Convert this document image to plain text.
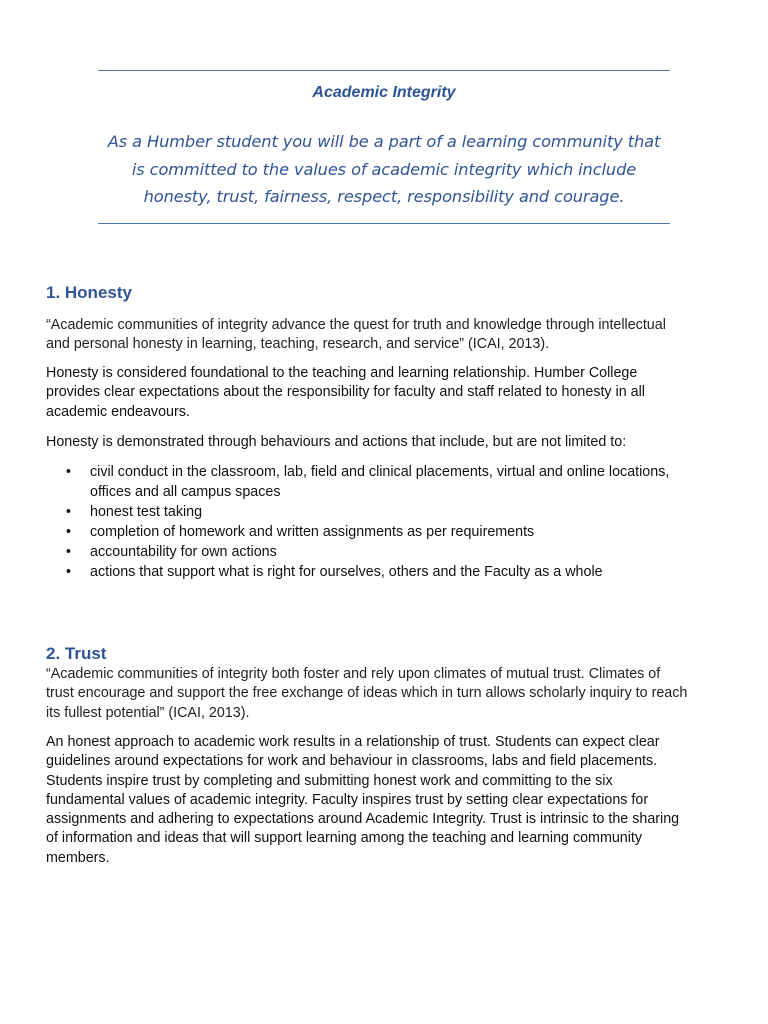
Academic Integrity
As a Humber student you will be a part of a learning community that
is committed to the values of academic integrity which include
honesty, trust, fairness, respect, responsibility and courage.
1. Honesty
“Academic communities of integrity advance the quest for truth and knowledge through intellectual
and personal honesty in learning, teaching, research, and service” (ICAI, 2013).
Honesty is considered foundational to the teaching and learning relationship. Humber College
provides clear expectations about the responsibility for faculty and staff related to honesty in all
academic endeavours.
Honesty is demonstrated through behaviours and actions that include, but are not limited to:
• civil conduct in the classroom, lab, field and clinical placements, virtual and online locations,
offices and all campus spaces
• honest test taking
• completion of homework and written assignments as per requirements
• accountability for own actions
• actions that support what is right for ourselves, others and the Faculty as a whole
2. Trust
“Academic communities of integrity both foster and rely upon climates of mutual trust. Climates of
trust encourage and support the free exchange of ideas which in turn allows scholarly inquiry to reach
its fullest potential” (ICAI, 2013).
An honest approach to academic work results in a relationship of trust. Students can expect clear
guidelines around expectations for work and behaviour in classrooms, labs and field placements.
Students inspire trust by completing and submitting honest work and committing to the six
fundamental values of academic integrity. Faculty inspires trust by setting clear expectations for
assignments and adhering to expectations around Academic Integrity. Trust is intrinsic to the sharing
of information and ideas that will support learning among the teaching and learning community
members.
